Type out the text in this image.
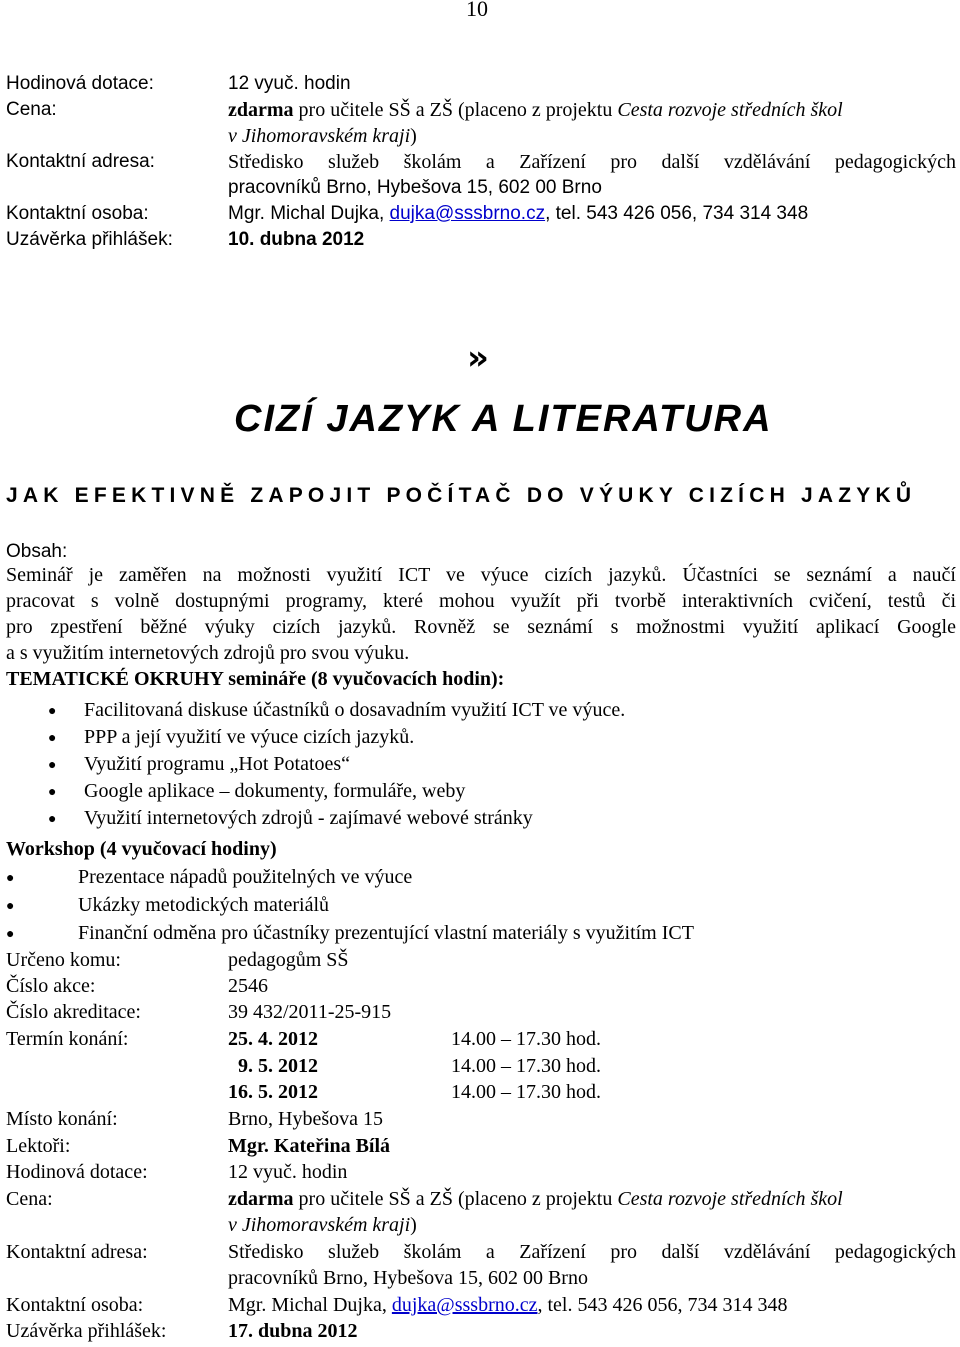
10
Hodinová dotace:	12 vyuč. hodin
Cena:	zdarma pro učitele SŠ a ZŠ (placeno z projektu Cesta rozvoje středních škol
v Jihomoravském kraji)
Kontaktní adresa:	Středisko služeb školám a Zařízení pro další vzdělávání pedagogických
pracovníků Brno, Hybešova 15, 602 00 Brno
Kontaktní osoba:	Mgr. Michal Dujka, dujka@sssbrno.cz, tel. 543 426 056, 734 314 348
Uzávěrka přihlášek:	10. dubna 2012
»
CIZÍ JAZYK A LITERATURA
JAK EFEKTIVNĚ ZAPOJIT POČÍTAČ DO VÝUKY CIZÍCH JAZYKŮ
Obsah:
Seminář je zaměřen na možnosti využití ICT ve výuce cizích jazyků. Účastníci se seznámí a naučí
pracovat s volně dostupnými programy, které mohou využít při tvorbě interaktivních cvičení, testů či
pro zpestření běžné výuky cizích jazyků. Rovněž se seznámí s možnostmi využití aplikací Google
a s využitím internetových zdrojů pro svou výuku.
TEMATICKÉ OKRUHY semináře (8 vyučovacích hodin):
● Facilitovaná diskuse účastníků o dosavadním využití ICT ve výuce.
● PPP a její využití ve výuce cizích jazyků.
● Využití programu „Hot Potatoes“
● Google aplikace – dokumenty, formuláře, weby
● Využití internetových zdrojů - zajímavé webové stránky
Workshop (4 vyučovací hodiny)
●	Prezentace nápadů použitelných ve výuce
●	Ukázky metodických materiálů
●	Finanční odměna pro účastníky prezentující vlastní materiály s využitím ICT
Určeno komu:	pedagogům SŠ
Číslo akce:	2546
Číslo akreditace:	39 432/2011-25-915
Termín konání:	25. 4. 2012	14.00 – 17.30 hod.
9. 5. 2012	14.00 – 17.30 hod.
16. 5. 2012	14.00 – 17.30 hod.
Místo konání:	Brno, Hybešova 15
Lektoři:	Mgr. Kateřina Bílá
Hodinová dotace:	12 vyuč. hodin
Cena:	zdarma pro učitele SŠ a ZŠ (placeno z projektu Cesta rozvoje středních škol
v Jihomoravském kraji)
Kontaktní adresa:	Středisko služeb školám a Zařízení pro další vzdělávání pedagogických
pracovníků Brno, Hybešova 15, 602 00 Brno
Kontaktní osoba:	Mgr. Michal Dujka, dujka@sssbrno.cz, tel. 543 426 056, 734 314 348
Uzávěrka přihlášek:	17. dubna 2012
